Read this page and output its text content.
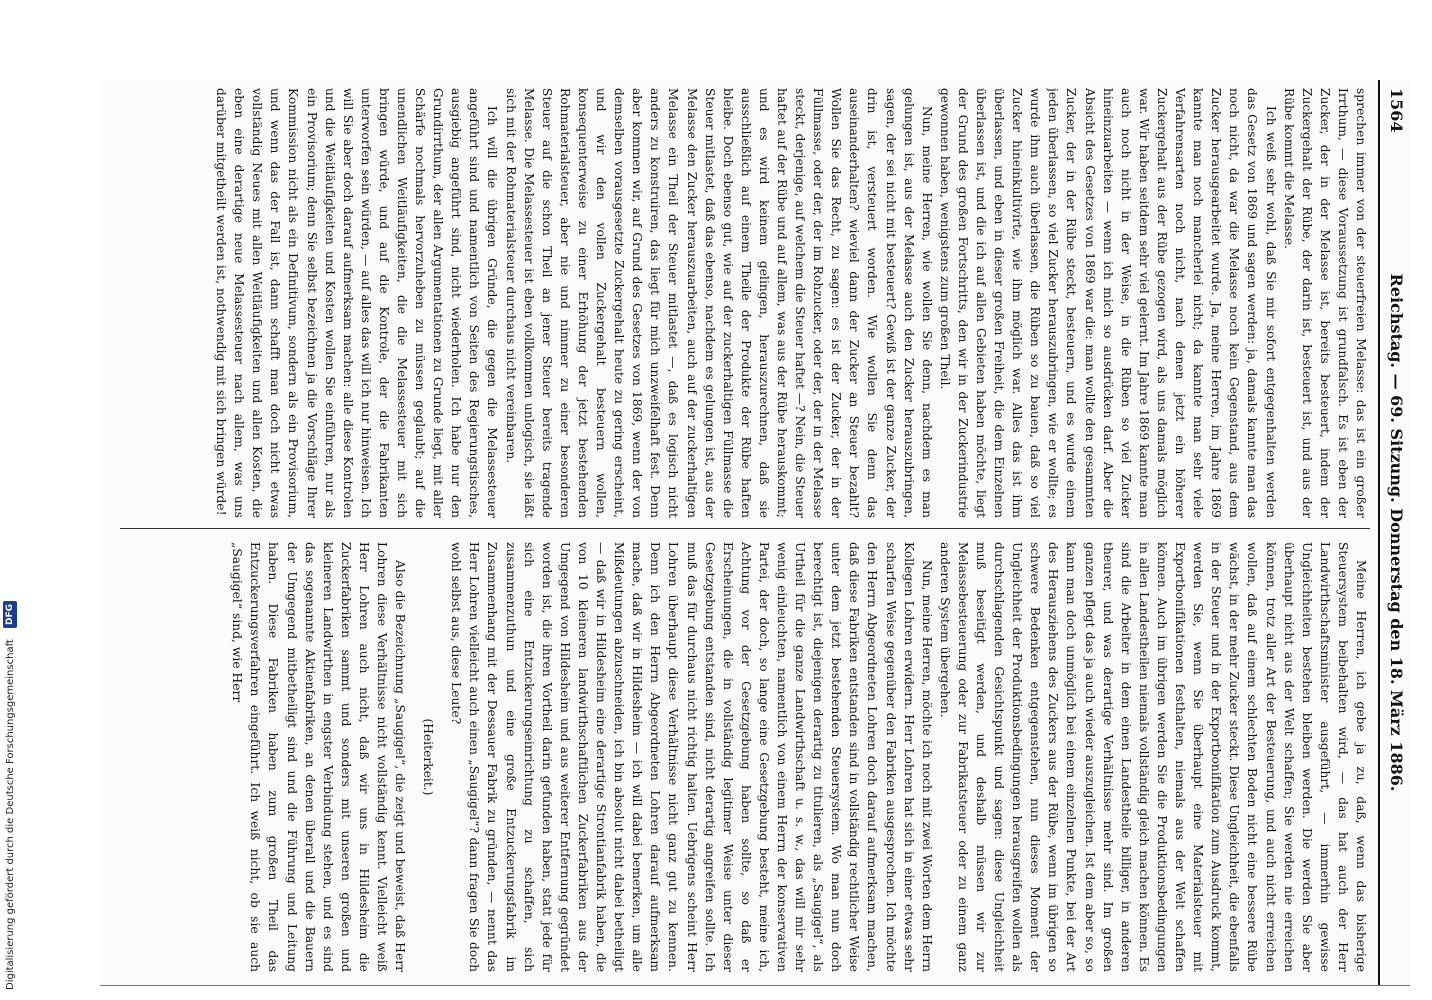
Digitalisierung gefördert durch die Deutsche Forschungsgemeinschaft DFG
1564
Reichstag. — 69. Sitzung. Donnerstag den 18. März 1886.

sprechen immer von der steuerfreien Melasse: das ist ein großer Irrthum, — diese Voraussetzung ist grundfalsch. Es ist eben der Zucker, der in der Melasse ist, bereits besteuert, indem der Zuckergehalt der Rübe, der darin ist, besteuert ist, und aus der Rübe kommt die Melasse.

Ich weiß sehr wohl, daß Sie mir sofort entgegenhalten werden das Gesetz von 1869 und sagen werden: ja, damals kannte man das noch nicht, da war die Melasse noch kein Gegenstand, aus dem Zucker herausgearbeitet wurde. Ja, meine Herren, im Jahre 1869 kannte man noch mancherlei nicht; da kannte man sehr viele Verfahrensarten noch nicht, nach denen jetzt ein höherer Zuckergehalt aus der Rübe gezogen wird, als uns damals möglich war. Wir haben seitdem sehr viel gelernt. Im Jahre 1869 kannte man auch noch nicht in der Weise, in die Rüben so viel Zucker hineinzuarbeiten — wenn ich mich so ausdrücken darf. Aber die Absicht des Gesetzes von 1869 war die: man wollte den gesammten Zucker, der in der Rübe steckt, besteuern, und es wurde einem jeden überlassen, so viel Zucker herauszubringen, wie er wollte; es wurde ihm auch überlassen, die Rüben so zu bauen, daß so viel Zucker hineinkultivirte, wie ihm möglich war. Alles das ist ihm überlassen, und eben in dieser großen Freiheit, die dem Einzelnen überlassen ist, und die ich auf allen Gebieten haben möchte, liegt der Grund des großen Fortschritts, den wir in der Zuckerindustrie gewonnen haben, wenigstens zum großen Theil.

Nun, meine Herren, wie wollen Sie denn, nachdem es man gelungen ist, aus der Melasse auch den Zucker herauszubringen, sagen, der sei nicht mit besteuert? Gewiß ist der ganze Zucker, der drin ist, versteuert worden. Wie wollen Sie denn das auseinanderhalten? wieviel dann der Zucker an Steuer bezahlt? Wollen Sie das Recht, zu sagen: es ist der Zucker, der in der Füllmasse, oder der, der im Rohzucker, oder der, der in der Melasse steckt, derjenige, auf welchem die Steuer haftet —? Nein, die Steuer haftet auf der Rübe und auf allem, was aus der Rübe herauskommt; und es wird keinem gelingen, herauszurechnen, daß sie ausschließlich auf einem Theile der Produkte der Rübe haften bleibe. Doch ebenso gut, wie auf der zuckerhaltigen Füllmasse die Steuer mitlastet, daß das ebenso, nachdem es gelungen ist, aus der Melasse den Zucker herauszuarbeiten, auch auf der zuckerhaltigen Melasse ein Theil der Steuer mitlastet —, daß es logisch nicht anders zu konstruiren, das liegt für mich unzweifelhaft fest. Denn aber kommen wir, auf Grund des Gesetzes von 1869, wenn der von demselben vorausgesetzte Zuckergehalt heute zu gering erscheint, und wir den vollen Zuckergehalt besteuern wollen, konsequenterweise zu einer Erhöhung der jetzt bestehenden Rohmaterialsteuer, aber nie und nimmer zu einer besonderen Steuer auf die schon Theil an jener Steuer bereits tragende Melasse. Die Melassesteuer ist eben vollkommen unlogisch, sie läßt sich mit der Rohmaterialsteuer durchaus nicht vereinbaren.

Ich will die übrigen Gründe, die gegen die Melassesteuer angeführt sind und namentlich von Seiten des Regierungstisches, ausgiebig angeführt sind, nicht wiederholen. Ich habe nur den Grundirrthum, der allen Argumentationen zu Grunde liegt, mit aller Schärfe nochmals hervorzuheben zu müssen geglaubt; auf die unendlichen Weitläufigkeiten, die die Melassesteuer mit sich bringen würde, und auf die Kontrole, der die Fabrikanten unterworfen sein würden, — auf alles das will ich nur hinweisen. Ich will Sie aber doch darauf aufmerksam machen: alle diese Kontrolen und die Weitläufigkeiten und Kosten wollen Sie einführen, nur als ein Provisorium; denn Sie selbst bezeichnen ja die Vorschläge Ihrer Kommission nicht als ein Definitivum, sondern als ein Provisorium, und wenn das der Fall ist, dann schafft man doch nicht etwas vollständig Neues mit allen Weitläufigkeiten und allen Kosten, die eben eine derartige neue Melassesteuer nach allem, was uns darüber mitgetheilt werden ist, nothwendig mit sich bringen würde!

Meine Herren, ich gebe ja zu, daß, wenn das bisherige Steuersystem beibehalten wird, — das hat auch der Herr Landwirthschaftsminister ausgeführt, — immerhin gewisse Ungleichheiten bestehen bleiben werden. Die werden Sie aber überhaupt nicht aus der Welt schaffen; Sie werden nie erreichen können, trotz aller Art der Besteuerung, und auch nicht erreichen wollen, daß auf einem schlechten Boden nicht eine bessere Rübe wächst, in der mehr Zucker steckt. Diese Ungleichheit, die ebenfalls in der Steuer und in der Exportbonifikation zum Ausdruck kommt, werden Sie, wenn Sie überhaupt eine Materialsteuer mit Exportbonifikationen festhalten, niemals aus der Welt schaffen können. Auch im übrigen werden Sie die Produktionsbedingungen in allen Landestheilen niemals vollständig gleich machen können. Es sind die Arbeiter in dem einen Landestheile billiger, in anderen theurer, und was derartige Verhältnisse mehr sind. Im großen ganzen pflegt das ja auch wieder auszugleichen. Ist dem aber so, so kann man doch unmöglich bei einem einzelnen Punkte, bei der Art des Herausziehens des Zuckers aus der Rübe, wenn im übrigen so schwere Bedenken entgegenstehen, nun dieses Moment der Ungleichheit der Produktionsbedingungen herausgreifen wollen als durchschlagenden Gesichtspunkt und sagen: diese Ungleichheit muß beseitigt werden, und deshalb müssen wir zur Melassebesteuerung oder zur Fabrikatsteuer oder zu einem ganz anderen System übergehen.

Nun, meine Herren, möchte ich noch mit zwei Worten dem Herrn Kollegen Lohren erwidern. Herr Lohren hat sich in einer etwas sehr scharfen Weise gegenüber den Fabriken ausgesprochen. Ich möchte den Herrn Abgeordneten Lohren doch darauf aufmerksam machen, daß diese Fabriken entstanden sind in vollständig rechtlicher Weise unter dem jetzt bestehenden Steuersystem. Wo man nun doch berechtigt ist, diejenigen derartig zu titulieren, als „Saugigel“, als Urtheil für die ganze Landwirthschaft u. s. w., das will mir sehr wenig einleuchten, namentlich von einem Herrn der konservativen Partei, der doch, so lange eine Gesetzgebung besteht, meine ich, Achtung vor der Gesetzgebung haben sollte, so daß er Erscheinungen, die in vollständig legitimer Weise unter dieser Gesetzgebung entstanden sind, nicht derartig angreifen sollte. Ich muß das für durchaus nicht richtig halten. Uebrigens scheint Herr Lohren überhaupt diese Verhältnisse nicht ganz gut zu kennen. Denn ich den Herrn Abgeordneten Lohren darauf aufmerksam mache, daß wir in Hildesheim — ich will dabei bemerken, um alle Mißdeutungen abzuschneiden, ich bin absolut nicht dabei betheiligt — daß wir in Hildesheim eine derartige Strontianfabrik haben, die von 10 kleineren landwirthschaftlichen Zuckerfabriken aus der Umgegend von Hildesheim und aus weiterer Entfernung gegründet worden ist, die ihren Vortheil darin gefunden haben, statt jede für sich eine Entzuckerungseinrichtung zu schaffen, sich zusammenzuthun und eine große Entzuckerungsfabrik im Zusammenhang mit der Dessauer Fabrik zu gründen, — nennt das Herr Lohren vielleicht auch einen „Saugigel“? dann fragen Sie doch wohl selbst aus, diese Leute?

(Heiterkeit.)

Also die Bezeichnung „Saugigel“, die zeigt und beweist, daß Herr Lohren diese Verhältnisse nicht vollständig kennt. Vielleicht weiß Herr Lohren auch nicht, daß wir uns in Hildesheim die Zuckerfabriken sammt und sonders mit unseren großen und kleineren Landwirthen in engster Verbindung stehen, und es sind das sogenannte Aktienfabriken, an denen überall und die Bauern der Umgegend mitbetheiligt sind und die Führung und Leitung haben. Diese Fabriken haben zum großen Theil das Entzuckerungsverfahren eingeführt. Ich weiß nicht, ob sie auch „Saugigel“ sind, wie Herr
